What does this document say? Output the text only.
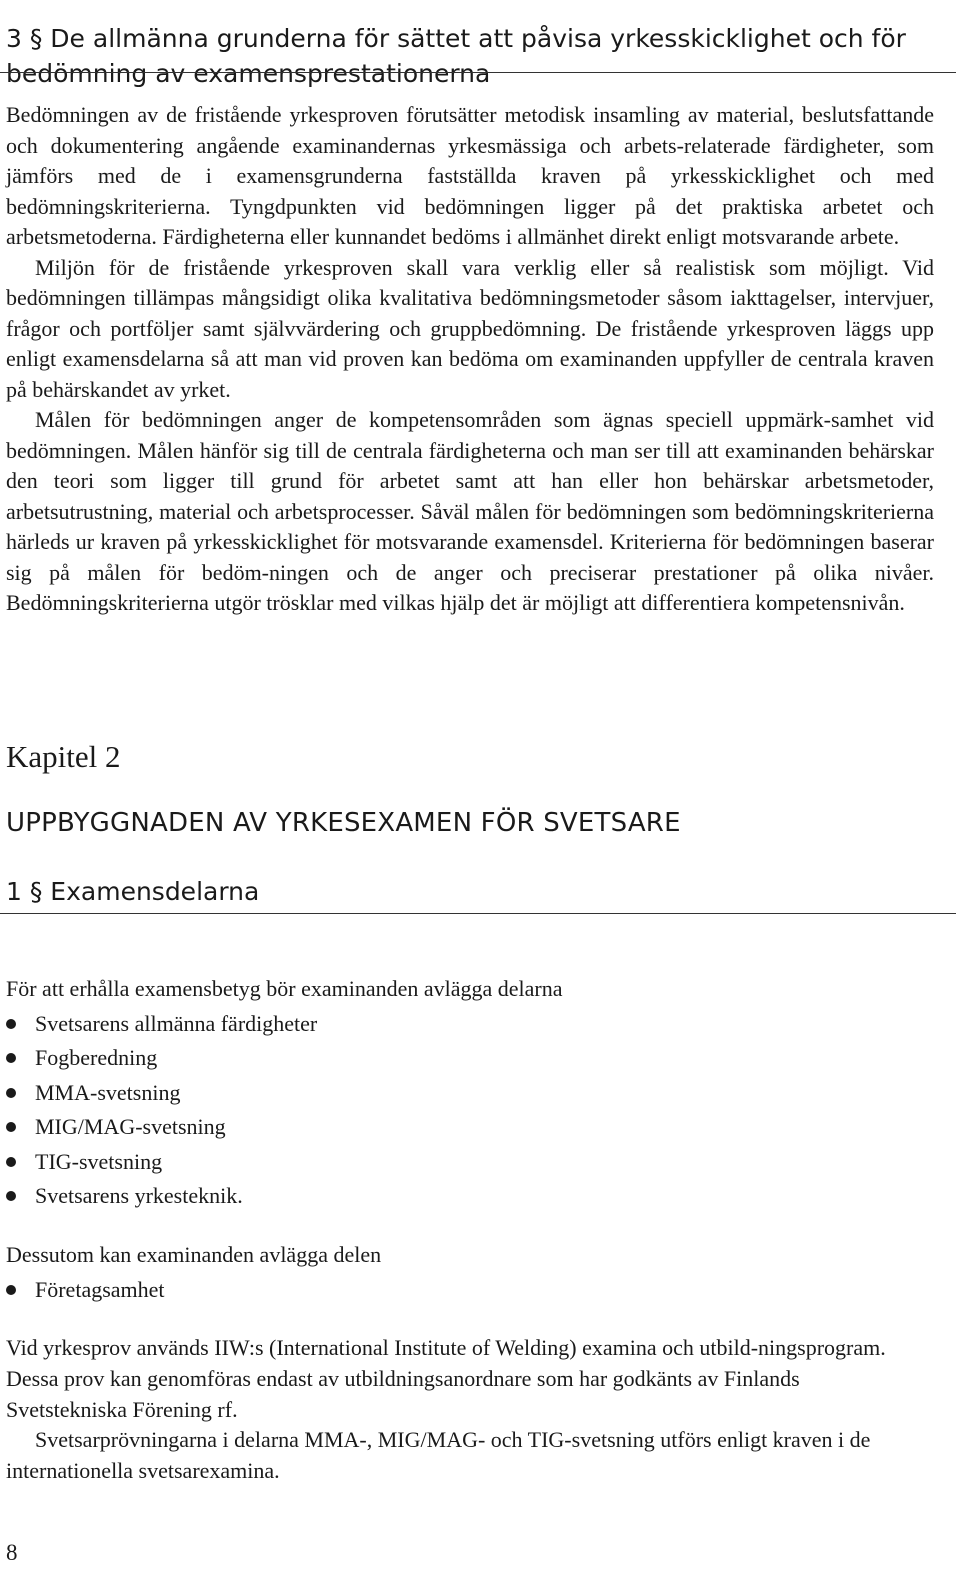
3 § De allmänna grunderna för sättet att påvisa yrkesskicklighet och för
bedömning av examensprestationerna

Bedömningen av de fristående yrkesproven förutsätter metodisk insamling av material, beslutsfattande och dokumentering angående examinandernas yrkesmässiga och arbets-relaterade färdigheter, som jämförs med de i examensgrunderna fastställda kraven på yrkesskicklighet och med bedömningskriterierna. Tyngdpunkten vid bedömningen ligger på det praktiska arbetet och arbetsmetoderna. Färdigheterna eller kunnandet bedöms i allmänhet direkt enligt motsvarande arbete.

Miljön för de fristående yrkesproven skall vara verklig eller så realistisk som möjligt. Vid bedömningen tillämpas mångsidigt olika kvalitativa bedömningsmetoder såsom iakttagelser, intervjuer, frågor och portföljer samt självvärdering och gruppbedömning. De fristående yrkesproven läggs upp enligt examensdelarna så att man vid proven kan bedöma om examinanden uppfyller de centrala kraven på behärskandet av yrket.

Målen för bedömningen anger de kompetensområden som ägnas speciell uppmärk-samhet vid bedömningen. Målen hänför sig till de centrala färdigheterna och man ser till att examinanden behärskar den teori som ligger till grund för arbetet samt att han eller hon behärskar arbetsmetoder, arbetsutrustning, material och arbetsprocesser. Såväl målen för bedömningen som bedömningskriterierna härleds ur kraven på yrkesskicklighet för motsvarande examensdel. Kriterierna för bedömningen baserar sig på målen för bedöm-ningen och de anger och preciserar prestationer på olika nivåer. Bedömningskriterierna utgör trösklar med vilkas hjälp det är möjligt att differentiera kompetensnivån.

Kapitel 2
UPPBYGGNADEN AV YRKESEXAMEN FÖR SVETSARE
1 § Examensdelarna

För att erhålla examensbetyg bör examinanden avlägga delarna

Svetsarens allmänna färdigheter
Fogberedning
MMA-svetsning
MIG/MAG-svetsning
TIG-svetsning
Svetsarens yrkesteknik.

Dessutom kan examinanden avlägga delen

Företagsamhet

Vid yrkesprov används IIW:s (International Institute of Welding) examina och utbild-ningsprogram. Dessa prov kan genomföras endast av utbildningsanordnare som har godkänts av Finlands Svetstekniska Förening rf.

Svetsarprövningarna i delarna MMA-, MIG/MAG- och TIG-svetsning utförs enligt kraven i de internationella svetsarexamina.

8
